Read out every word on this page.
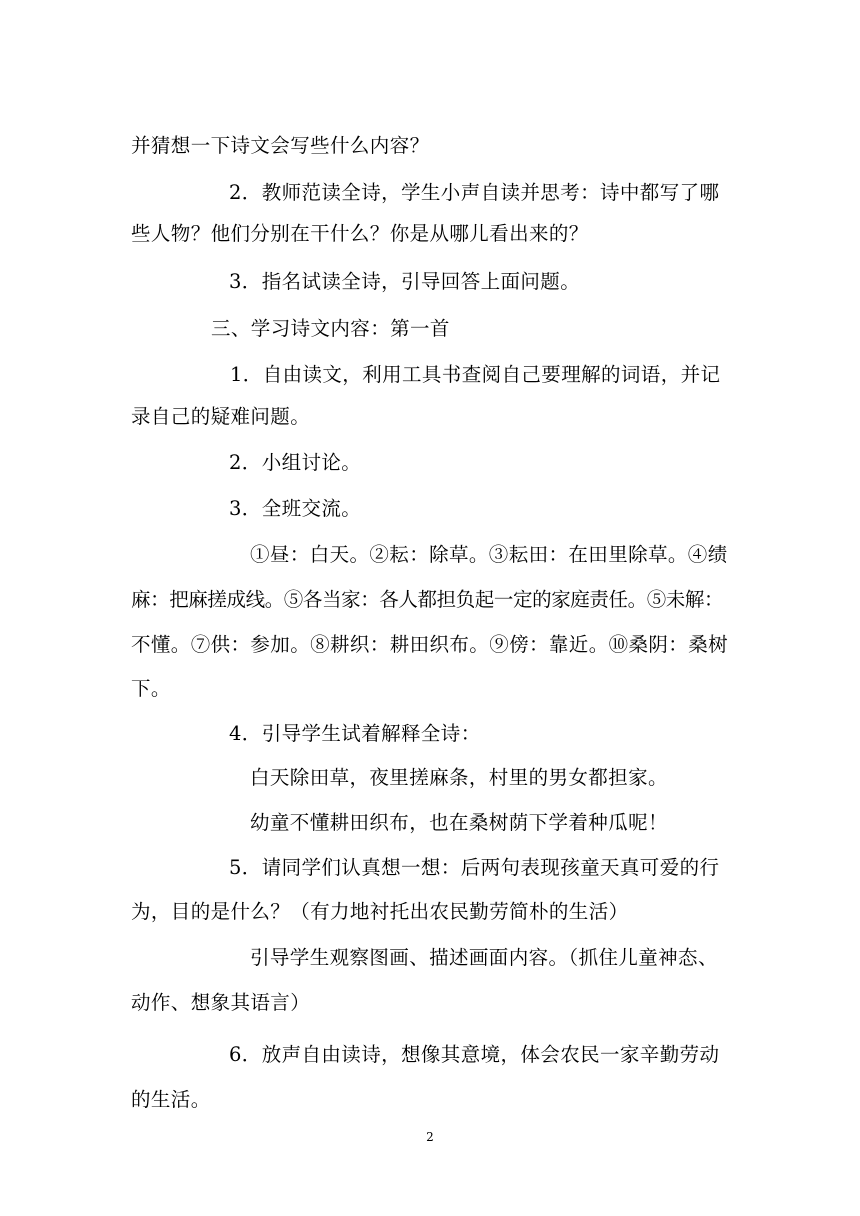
并猜想一下诗文会写些什么内容？

2．教师范读全诗，学生小声自读并思考：诗中都写了哪

些人物？他们分别在干什么？你是从哪儿看出来的？

3．指名试读全诗，引导回答上面问题。

三、学习诗文内容：第一首

1．自由读文，利用工具书查阅自己要理解的词语，并记

录自己的疑难问题。

2．小组讨论。

3．全班交流。

①昼：白天。②耘：除草。③耘田：在田里除草。④绩

麻：把麻搓成线。⑤各当家：各人都担负起一定的家庭责任。⑤未解：

不懂。⑦供：参加。⑧耕织：耕田织布。⑨傍：靠近。⑩桑阴：桑树

下。

4．引导学生试着解释全诗：

白天除田草，夜里搓麻条，村里的男女都担家。

幼童不懂耕田织布，也在桑树荫下学着种瓜呢！

5．请同学们认真想一想：后两句表现孩童天真可爱的行

为，目的是什么？（有力地衬托出农民勤劳简朴的生活）

引导学生观察图画、描述画面内容。（抓住儿童神态、

动作、想象其语言）

6．放声自由读诗，想像其意境，体会农民一家辛勤劳动

的生活。

2
